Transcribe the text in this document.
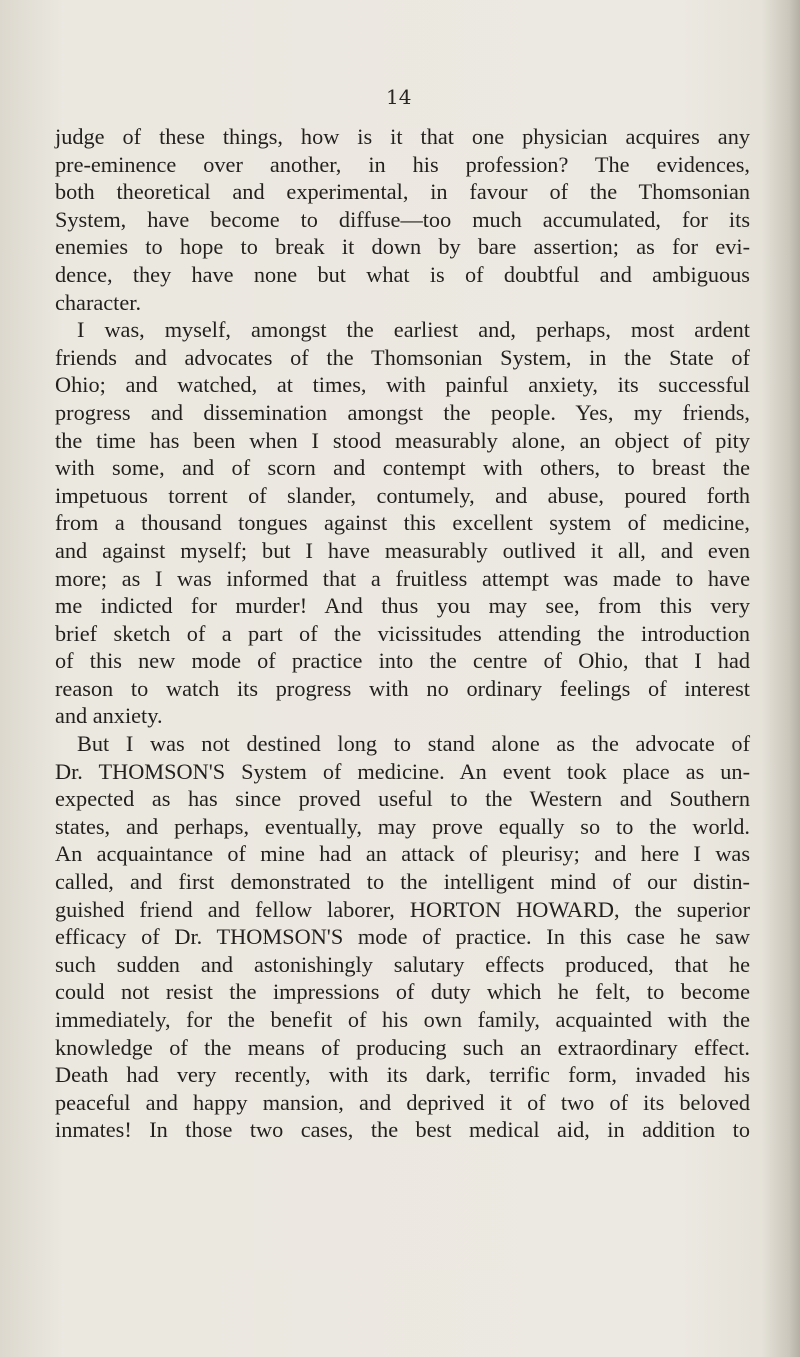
14
judge of these things, how is it that one physician acquires any
pre-eminence over another, in his profession? The evidences,
both theoretical and experimental, in favour of the Thomsonian
System, have become to diffuse—too much accumulated, for its
enemies to hope to break it down by bare assertion; as for evi-
dence, they have none but what is of doubtful and ambiguous
character.
I was, myself, amongst the earliest and, perhaps, most ardent
friends and advocates of the Thomsonian System, in the State of
Ohio; and watched, at times, with painful anxiety, its successful
progress and dissemination amongst the people. Yes, my friends,
the time has been when I stood measurably alone, an object of pity
with some, and of scorn and contempt with others, to breast the
impetuous torrent of slander, contumely, and abuse, poured forth
from a thousand tongues against this excellent system of medicine,
and against myself; but I have measurably outlived it all, and even
more; as I was informed that a fruitless attempt was made to have
me indicted for murder! And thus you may see, from this very
brief sketch of a part of the vicissitudes attending the introduction
of this new mode of practice into the centre of Ohio, that I had
reason to watch its progress with no ordinary feelings of interest
and anxiety.
But I was not destined long to stand alone as the advocate of
Dr. THOMSON'S System of medicine. An event took place as un-
expected as has since proved useful to the Western and Southern
states, and perhaps, eventually, may prove equally so to the world.
An acquaintance of mine had an attack of pleurisy; and here I was
called, and first demonstrated to the intelligent mind of our distin-
guished friend and fellow laborer, HORTON HOWARD, the superior
efficacy of Dr. THOMSON'S mode of practice. In this case he saw
such sudden and astonishingly salutary effects produced, that he
could not resist the impressions of duty which he felt, to become
immediately, for the benefit of his own family, acquainted with the
knowledge of the means of producing such an extraordinary effect.
Death had very recently, with its dark, terrific form, invaded his
peaceful and happy mansion, and deprived it of two of its beloved
inmates! In those two cases, the best medical aid, in addition to
